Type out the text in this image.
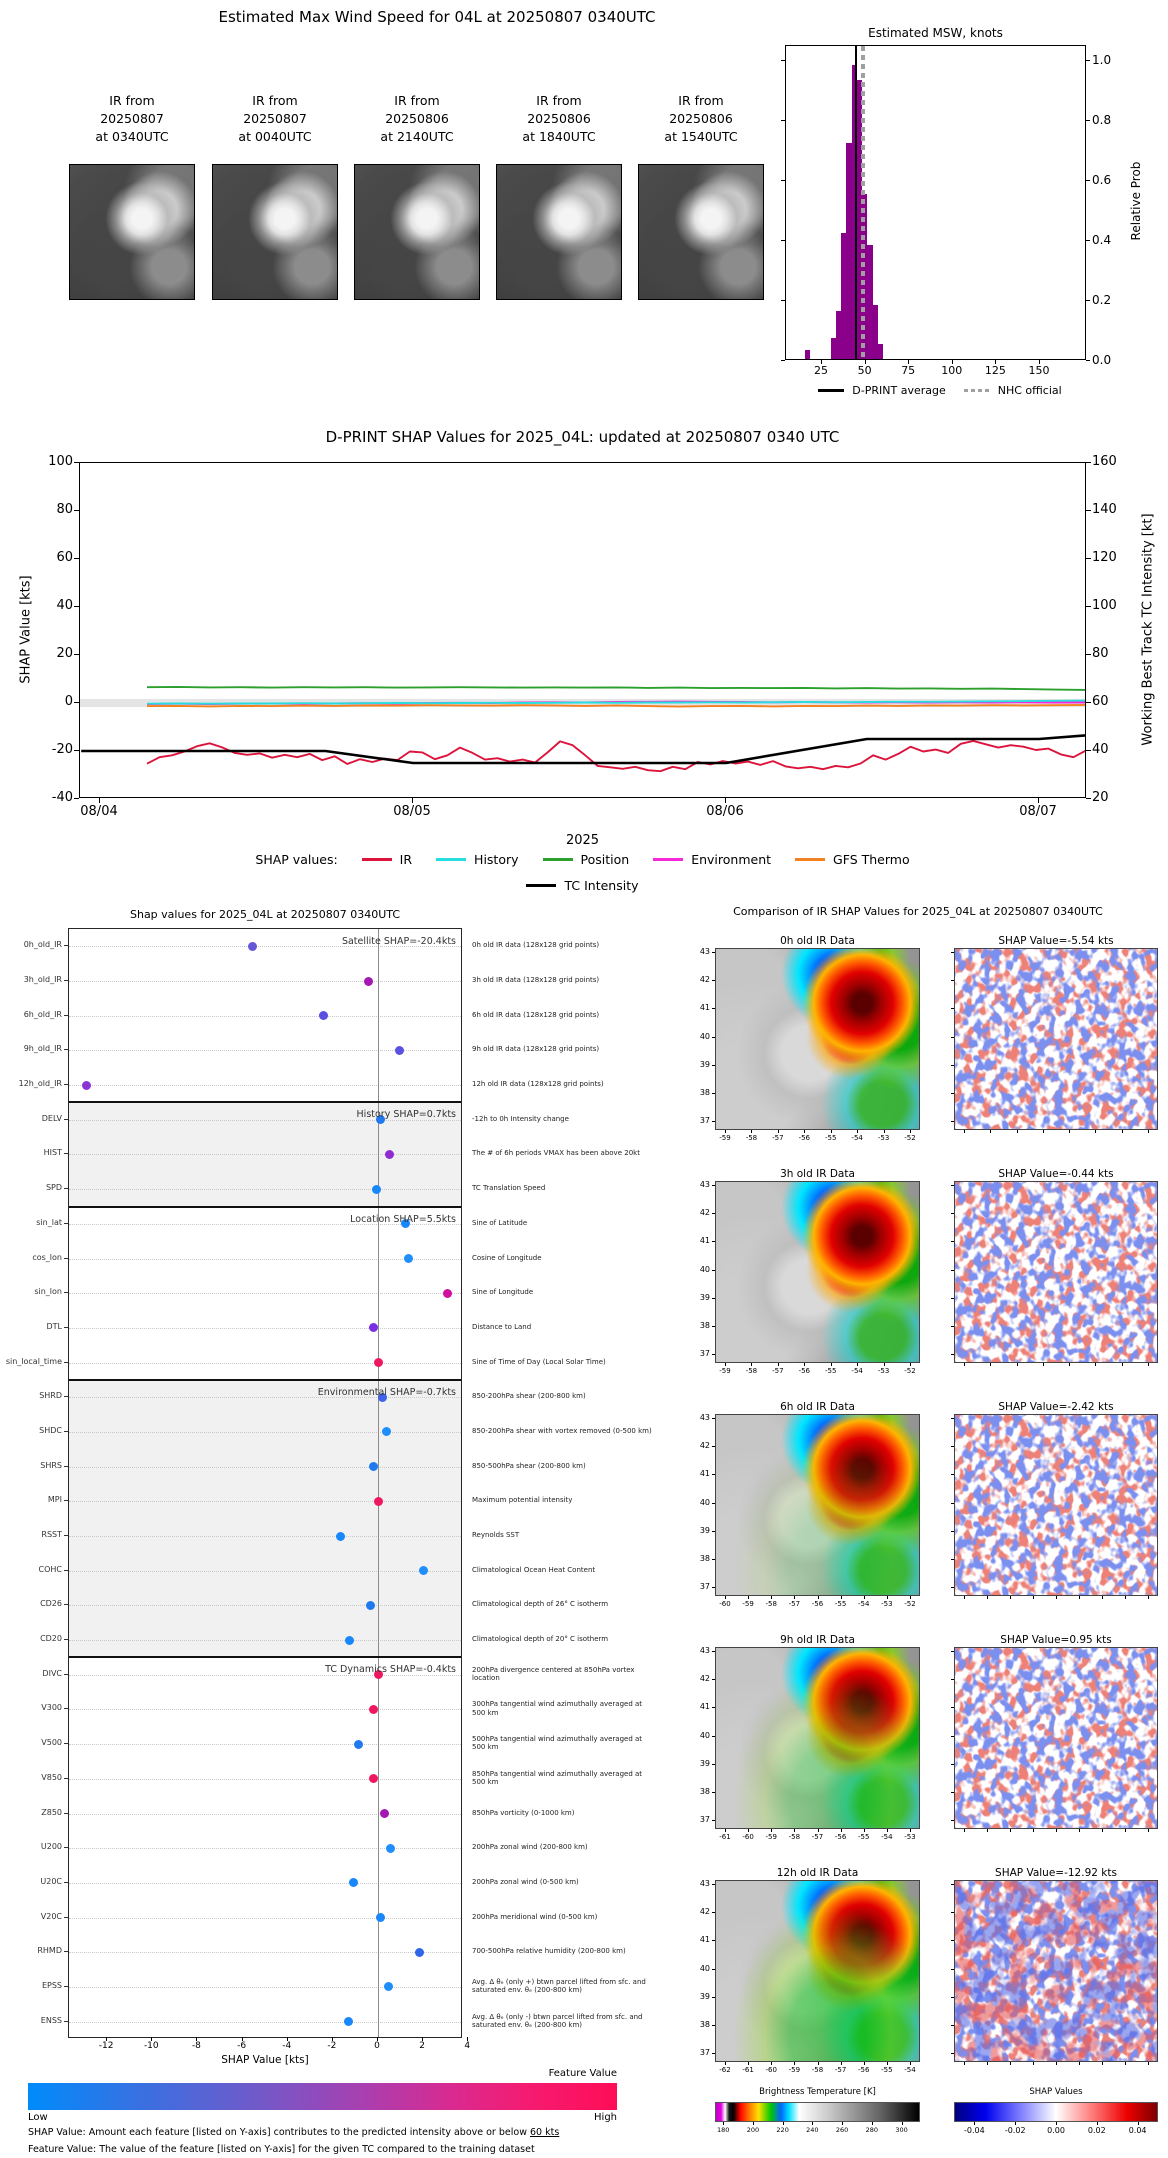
Estimated Max Wind Speed for 04L at 20250807 0340UTC
IR from
20250807
at 0340UTC
IR from
20250807
at 0040UTC
IR from
20250806
at 2140UTC
IR from
20250806
at 1840UTC
IR from
20250806
at 1540UTC
Estimated MSW, knots
Relative Prob
D-PRINT average	NHC official
D-PRINT SHAP Values for 2025_04L: updated at 20250807 0340 UTC
SHAP Value [kts]	Working Best Track TC Intensity [kt]
2025
SHAP values:	IR	History	Position	Environment	GFS Thermo
TC Intensity
Shap values for 2025_04L at 20250807 0340UTC
Satellite SHAP=-20.4kts
History SHAP=0.7kts
Location SHAP=5.5kts
Environmental SHAP=-0.7kts
TC Dynamics SHAP=-0.4kts
SHAP Value [kts]
Feature Value
Low	High
SHAP Value: Amount each feature [listed on Y-axis] contributes to the predicted intensity above or below 60 kts
Feature Value: The value of the feature [listed on Y-axis] for the given TC compared to the training dataset
Comparison of IR SHAP Values for 2025_04L at 20250807 0340UTC
0h old IR Data	SHAP Value=-5.54 kts
43
42
41
40
39
38
37
-59	-58	-57	-56	-55	-54	-53	-52
3h old IR Data	SHAP Value=-0.44 kts
43
42
41
40
39
38
37
-59	-58	-57	-56	-55	-54	-53	-52
6h old IR Data	SHAP Value=-2.42 kts
43
42
41
40
39
38
37
-60	-59	-58	-57	-56	-55	-54	-53	-52
9h old IR Data	SHAP Value=0.95 kts
43
42
41
40
39
38
37
-61	-60	-59	-58	-57	-56	-55	-54	-53
12h old IR Data	SHAP Value=-12.92 kts
43
42
41
40
39
38
37
-62	-61	-60	-59	-58	-57	-56	-55	-54
Brightness Temperature [K]	SHAP Values
180	200	220	240	260	280	300	-0.04	-0.02	0.00	0.02	0.04
25	50	75	100	125	150
0.0
0.2
0.4
0.6
0.8
1.0
100
80
60
40
20
0
-20
-40
160
140
120
100
80
60
40
20
08/04	08/05	08/06	08/07
0h_old_IR	0h old IR data (128x128 grid points)
3h_old_IR	3h old IR data (128x128 grid points)
6h_old_IR	6h old IR data (128x128 grid points)
9h_old_IR	9h old IR data (128x128 grid points)
12h_old_IR	12h old IR data (128x128 grid points)
DELV	-12h to 0h Intensity change
HIST	The # of 6h periods VMAX has been above 20kt
SPD	TC Translation Speed
sin_lat	Sine of Latitude
cos_lon	Cosine of Longitude
sin_lon	Sine of Longitude
DTL	Distance to Land
sin_local_time	Sine of Time of Day (Local Solar Time)
SHRD	850-200hPa shear (200-800 km)
SHDC	850-200hPa shear with vortex removed (0-500 km)
SHRS	850-500hPa shear (200-800 km)
MPI	Maximum potential intensity
RSST	Reynolds SST
COHC	Climatological Ocean Heat Content
CD26	Climatological depth of 26° C isotherm
CD20	Climatological depth of 20° C isotherm
DIVC	200hPa divergence centered at 850hPa vortex location
V300	300hPa tangential wind azimuthally averaged at 500 km
V500	500hPa tangential wind azimuthally averaged at 500 km
V850	850hPa tangential wind azimuthally averaged at 500 km
Z850	850hPa vorticity (0-1000 km)
U200	200hPa zonal wind (200-800 km)
U20C	200hPa zonal wind (0-500 km)
V20C	200hPa meridional wind (0-500 km)
RHMD	700-500hPa relative humidity (200-800 km)
EPSS	Avg. Δ θₑ (only +) btwn parcel lifted from sfc. and saturated env. θₑ (200-800 km)
ENSS	Avg. Δ θₑ (only -) btwn parcel lifted from sfc. and saturated env. θₑ (200-800 km)
-12	-10	-8	-6	-4	-2	0	2	4
